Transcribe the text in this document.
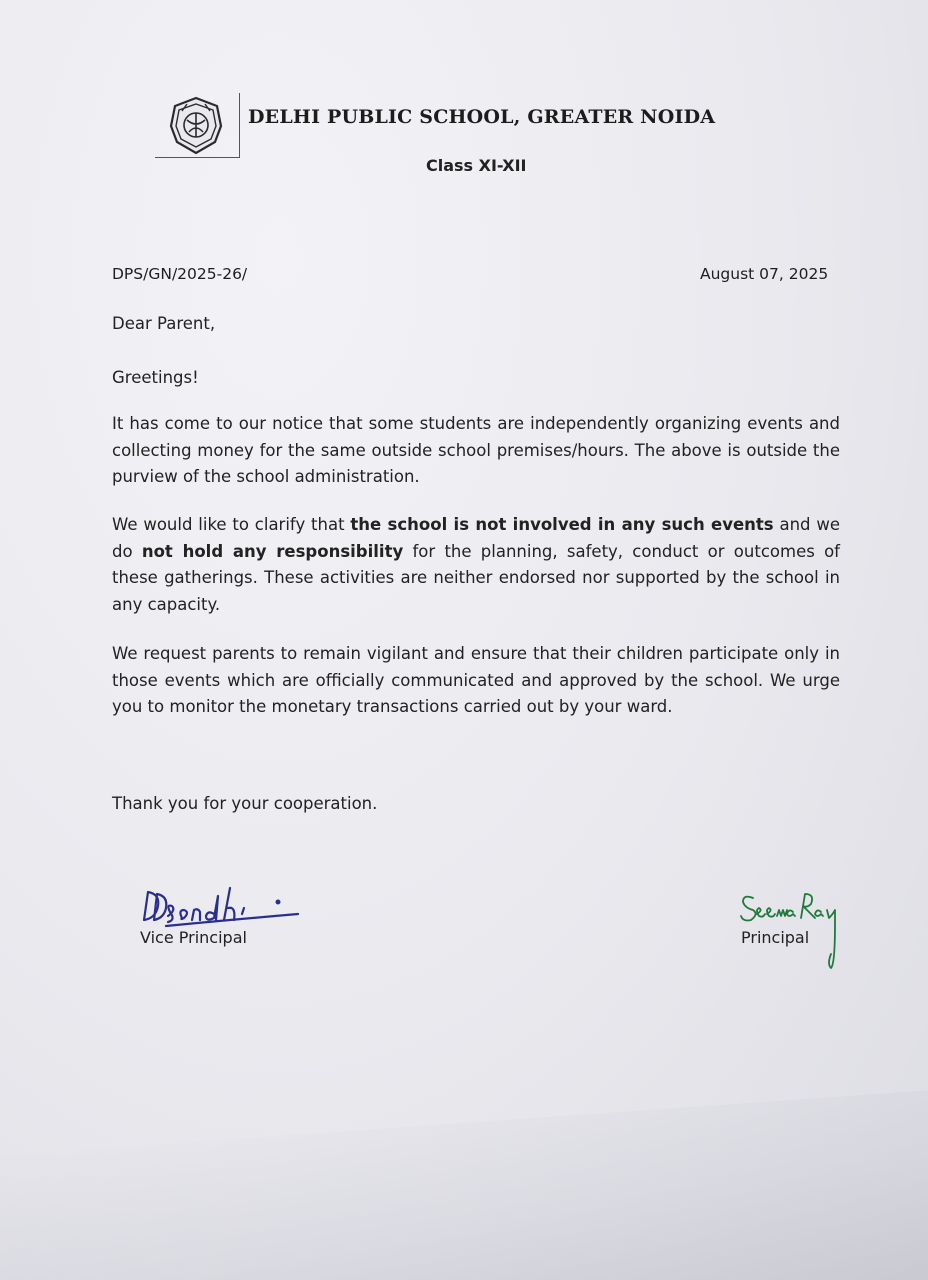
DELHI PUBLIC SCHOOL, GREATER NOIDA
Class XI-XII
DPS/GN/2025-26/	August 07, 2025
Dear Parent,
Greetings!
It has come to our notice that some students are independently organizing events and collecting money for the same outside school premises/hours. The above is outside the purview of the school administration.
We would like to clarify that the school is not involved in any such events and we do not hold any responsibility for the planning, safety, conduct or outcomes of these gatherings. These activities are neither endorsed nor supported by the school in any capacity.
We request parents to remain vigilant and ensure that their children participate only in those events which are officially communicated and approved by the school. We urge you to monitor the monetary transactions carried out by your ward.
Thank you for your cooperation.
Vice Principal	Principal
